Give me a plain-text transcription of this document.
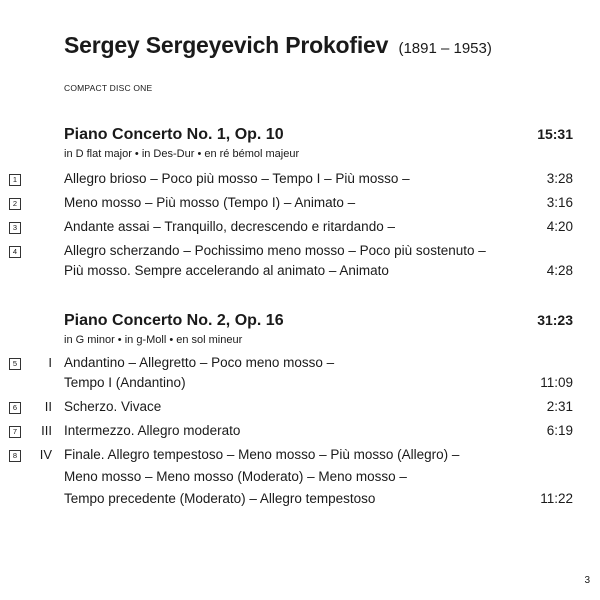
Sergey Sergeyevich Prokofiev (1891 – 1953)
COMPACT DISC ONE
Piano Concerto No. 1, Op. 10	15:31
in D flat major • in Des-Dur • en ré bémol majeur
1	Allegro brioso – Poco più mosso – Tempo I – Più mosso –	3:28
2	Meno mosso – Più mosso (Tempo I) – Animato –	3:16
3	Andante assai – Tranquillo, decrescendo e ritardando –	4:20
4	Allegro scherzando – Pochissimo meno mosso – Poco più sostenuto –
Più mosso. Sempre accelerando al animato – Animato	4:28
Piano Concerto No. 2, Op. 16	31:23
in G minor • in g-Moll • en sol mineur
5	I Andantino – Allegretto – Poco meno mosso –
Tempo I (Andantino)	11:09
6	II Scherzo. Vivace	2:31
7	III Intermezzo. Allegro moderato	6:19
8	IV Finale. Allegro tempestoso – Meno mosso – Più mosso (Allegro) –
Meno mosso – Meno mosso (Moderato) – Meno mosso –
Tempo precedente (Moderato) – Allegro tempestoso	11:22
3
